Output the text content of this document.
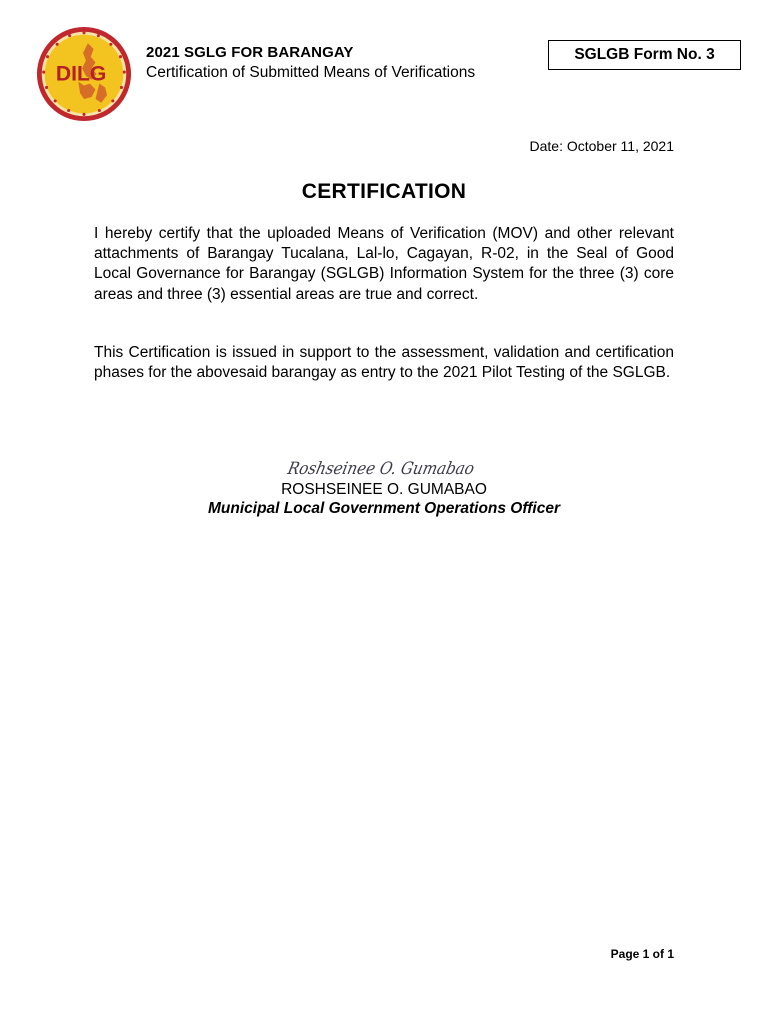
DILG
2021 SGLG FOR BARANGAY
Certification of Submitted Means of Verifications
SGLGB Form No. 3
Date: October 11, 2021
CERTIFICATION

I hereby certify that the uploaded Means of Verification (MOV) and other relevant attachments of Barangay Tucalana, Lal-lo, Cagayan, R-02, in the Seal of Good Local Governance for Barangay (SGLGB) Information System for the three (3) core areas and three (3) essential areas are true and correct.

This Certification is issued in support to the assessment, validation and certification phases for the abovesaid barangay as entry to the 2021 Pilot Testing of the SGLGB.

Roshseinee O. Gumabao
ROSHSEINEE O. GUMABAO
Municipal Local Government Operations Officer
Page 1 of 1
